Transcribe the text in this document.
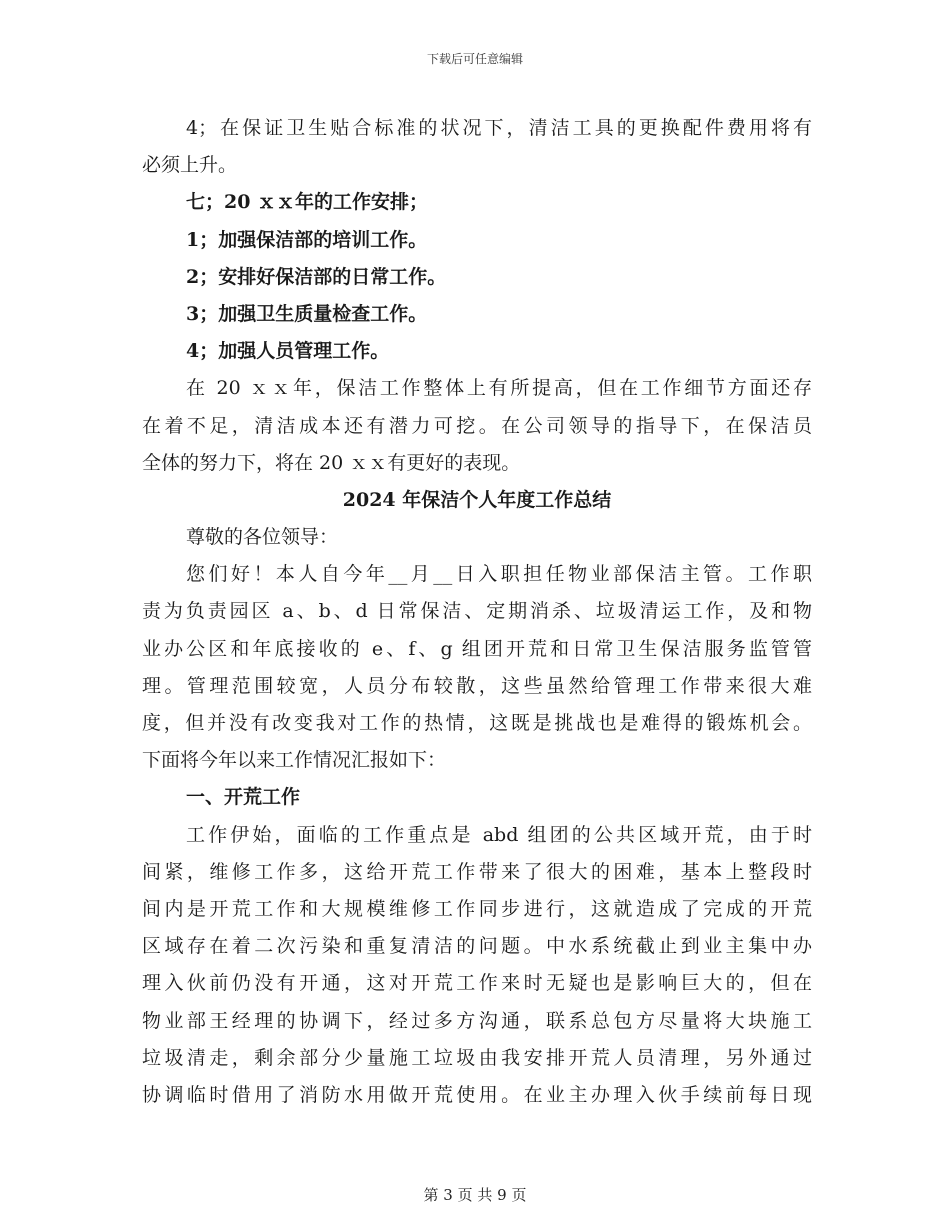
下载后可任意编辑
4；在保证卫生贴合标准的状况下，清洁工具的更换配件费用将有
必须上升。
七；20 ｘｘ年的工作安排；
1；加强保洁部的培训工作。
2；安排好保洁部的日常工作。
3；加强卫生质量检查工作。
4；加强人员管理工作。
在 20 ｘｘ年，保洁工作整体上有所提高，但在工作细节方面还存
在着不足，清洁成本还有潜力可挖。在公司领导的指导下，在保洁员
全体的努力下，将在 20 ｘｘ有更好的表现。
2024 年保洁个人年度工作总结
尊敬的各位领导：
您们好！本人自今年__月__日入职担任物业部保洁主管。工作职
责为负责园区 a、b、d 日常保洁、定期消杀、垃圾清运工作，及和物
业办公区和年底接收的 e、f、g 组团开荒和日常卫生保洁服务监管管
理。管理范围较宽，人员分布较散，这些虽然给管理工作带来很大难
度，但并没有改变我对工作的热情，这既是挑战也是难得的锻炼机会。
下面将今年以来工作情况汇报如下：
一、开荒工作
工作伊始，面临的工作重点是 abd 组团的公共区域开荒，由于时
间紧，维修工作多，这给开荒工作带来了很大的困难，基本上整段时
间内是开荒工作和大规模维修工作同步进行，这就造成了完成的开荒
区域存在着二次污染和重复清洁的问题。中水系统截止到业主集中办
理入伙前仍没有开通，这对开荒工作来时无疑也是影响巨大的，但在
物业部王经理的协调下，经过多方沟通，联系总包方尽量将大块施工
垃圾清走，剩余部分少量施工垃圾由我安排开荒人员清理，另外通过
协调临时借用了消防水用做开荒使用。在业主办理入伙手续前每日现
第 3 页 共 9 页
